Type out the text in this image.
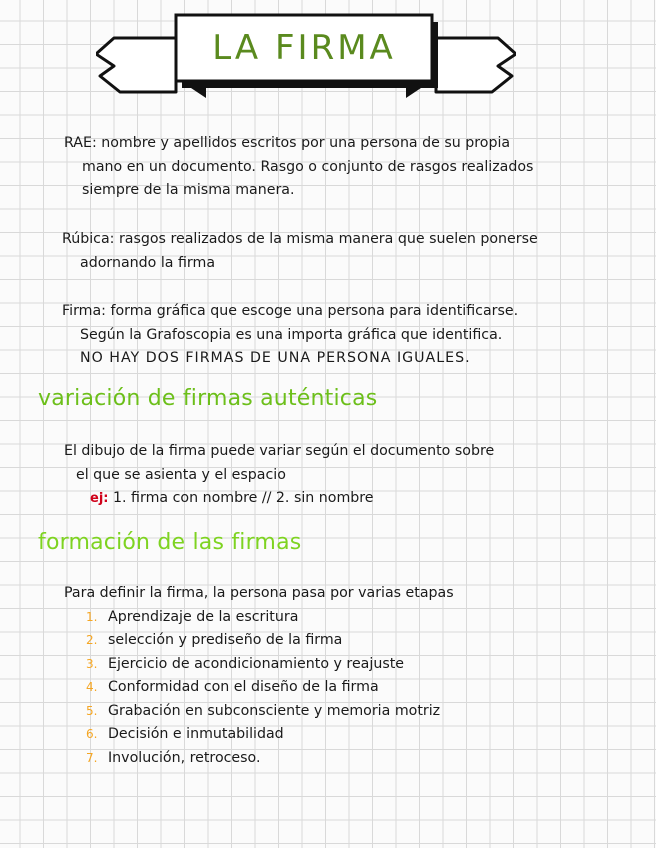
LA FIRMA
RAE: nombre y apellidos escritos por una persona de su propia
mano en un documento. Rasgo o conjunto de rasgos realizados
siempre de la misma manera.
Rúbica: rasgos realizados de la misma manera que suelen ponerse
adornando la firma
Firma: forma gráfica que escoge una persona para identificarse.
Según la Grafoscopia es una importa gráfica que identifica.
NO HAY DOS FIRMAS DE UNA PERSONA IGUALES.
variación de firmas auténticas
El dibujo de la firma puede variar según el documento sobre
el que se asienta y el espacio
ej: 1. firma con nombre // 2. sin nombre
formación de las firmas
Para definir la firma, la persona pasa por varias etapas
1. Aprendizaje de la escritura
2. selección y prediseño de la firma
3. Ejercicio de acondicionamiento y reajuste
4. Conformidad con el diseño de la firma
5. Grabación en subconsciente y memoria motriz
6. Decisión e inmutabilidad
7. Involución, retroceso.
